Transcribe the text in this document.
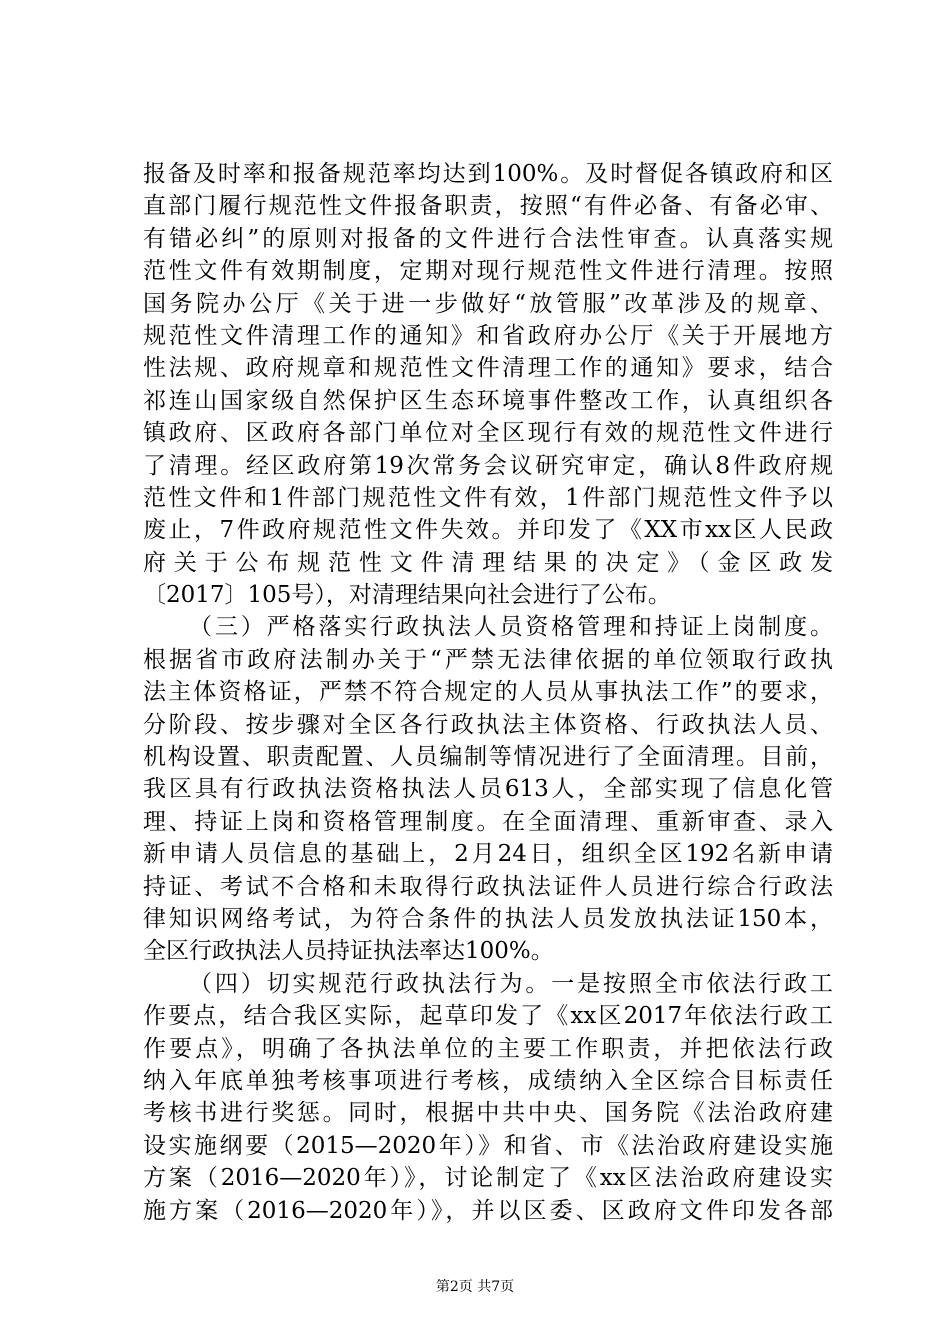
报备及时率和报备规范率均达到100%。及时督促各镇政府和区
直部门履行规范性文件报备职责，按照“有件必备、有备必审、
有错必纠”的原则对报备的文件进行合法性审查。认真落实规
范性文件有效期制度，定期对现行规范性文件进行清理。按照
国务院办公厅《关于进一步做好“放管服”改革涉及的规章、
规范性文件清理工作的通知》和省政府办公厅《关于开展地方
性法规、政府规章和规范性文件清理工作的通知》要求，结合
祁连山国家级自然保护区生态环境事件整改工作，认真组织各
镇政府、区政府各部门单位对全区现行有效的规范性文件进行
了清理。经区政府第19次常务会议研究审定，确认8件政府规
范性文件和1件部门规范性文件有效，1件部门规范性文件予以
废止，7件政府规范性文件失效。并印发了《XX市xx区人民政
府关于公布规范性文件清理结果的决定》（金区政发
〔2017〕105号），对清理结果向社会进行了公布。
（三）严格落实行政执法人员资格管理和持证上岗制度。
根据省市政府法制办关于“严禁无法律依据的单位领取行政执
法主体资格证，严禁不符合规定的人员从事执法工作”的要求，
分阶段、按步骤对全区各行政执法主体资格、行政执法人员、
机构设置、职责配置、人员编制等情况进行了全面清理。目前，
我区具有行政执法资格执法人员613人，全部实现了信息化管
理、持证上岗和资格管理制度。在全面清理、重新审查、录入
新申请人员信息的基础上，2月24日，组织全区192名新申请
持证、考试不合格和未取得行政执法证件人员进行综合行政法
律知识网络考试，为符合条件的执法人员发放执法证150本，
全区行政执法人员持证执法率达100%。
（四）切实规范行政执法行为。一是按照全市依法行政工
作要点，结合我区实际，起草印发了《xx区2017年依法行政工
作要点》，明确了各执法单位的主要工作职责，并把依法行政
纳入年底单独考核事项进行考核，成绩纳入全区综合目标责任
考核书进行奖惩。同时，根据中共中央、国务院《法治政府建
设实施纲要（2015—2020年）》和省、市《法治政府建设实施
方案（2016—2020年）》，讨论制定了《xx区法治政府建设实
施方案（2016—2020年）》，并以区委、区政府文件印发各部
第2页 共7页
